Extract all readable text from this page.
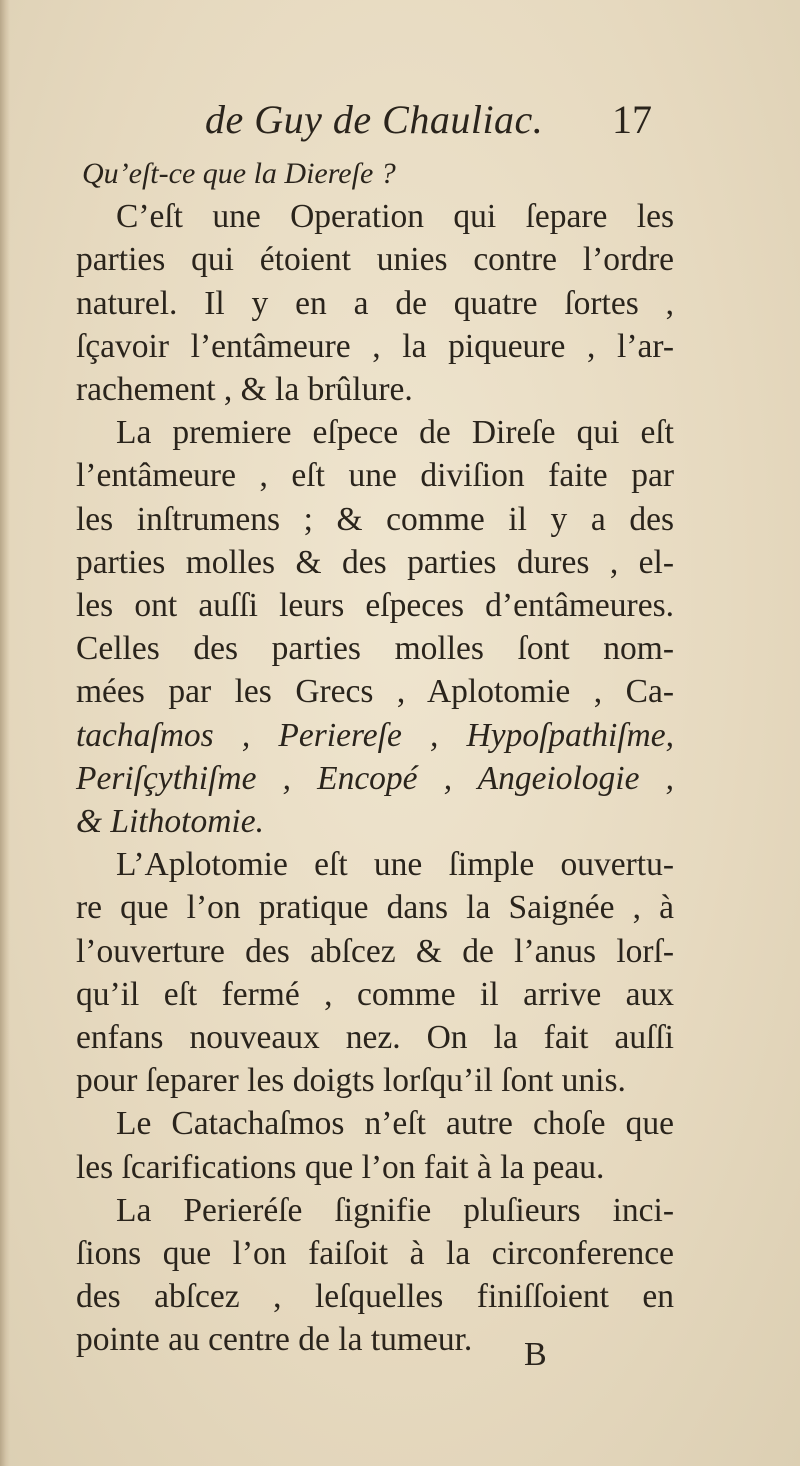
de Guy de Chauliac. 17
Qu’eſt-ce que la Diereſe ?
C’eſt une Operation qui ſepare les
parties qui étoient unies contre l’ordre
naturel. Il y en a de quatre ſortes ,
ſçavoir l’entâmeure , la piqueure , l’ar-
rachement , & la brûlure.
La premiere eſpece de Direſe qui eſt
l’entâmeure , eſt une diviſion faite par
les inſtrumens ; & comme il y a des
parties molles & des parties dures , el-
les ont auſſi leurs eſpeces d’entâmeures.
Celles des parties molles ſont nom-
mées par les Grecs , Aplotomie , Ca-
tachaſmos , Periereſe , Hypoſpathiſme,
Periſçythiſme , Encopé , Angeiologie ,
& Lithotomie.
L’Aplotomie eſt une ſimple ouvertu-
re que l’on pratique dans la Saignée , à
l’ouverture des abſcez & de l’anus lorſ-
qu’il eſt fermé , comme il arrive aux
enfans nouveaux nez. On la fait auſſi
pour ſeparer les doigts lorſqu’il ſont unis.
Le Catachaſmos n’eſt autre choſe que
les ſcarifications que l’on fait à la peau.
La Perieréſe ſignifie pluſieurs inci-
ſions que l’on faiſoit à la circonference
des abſcez , leſquelles finiſſoient en
pointe au centre de la tumeur.	B
